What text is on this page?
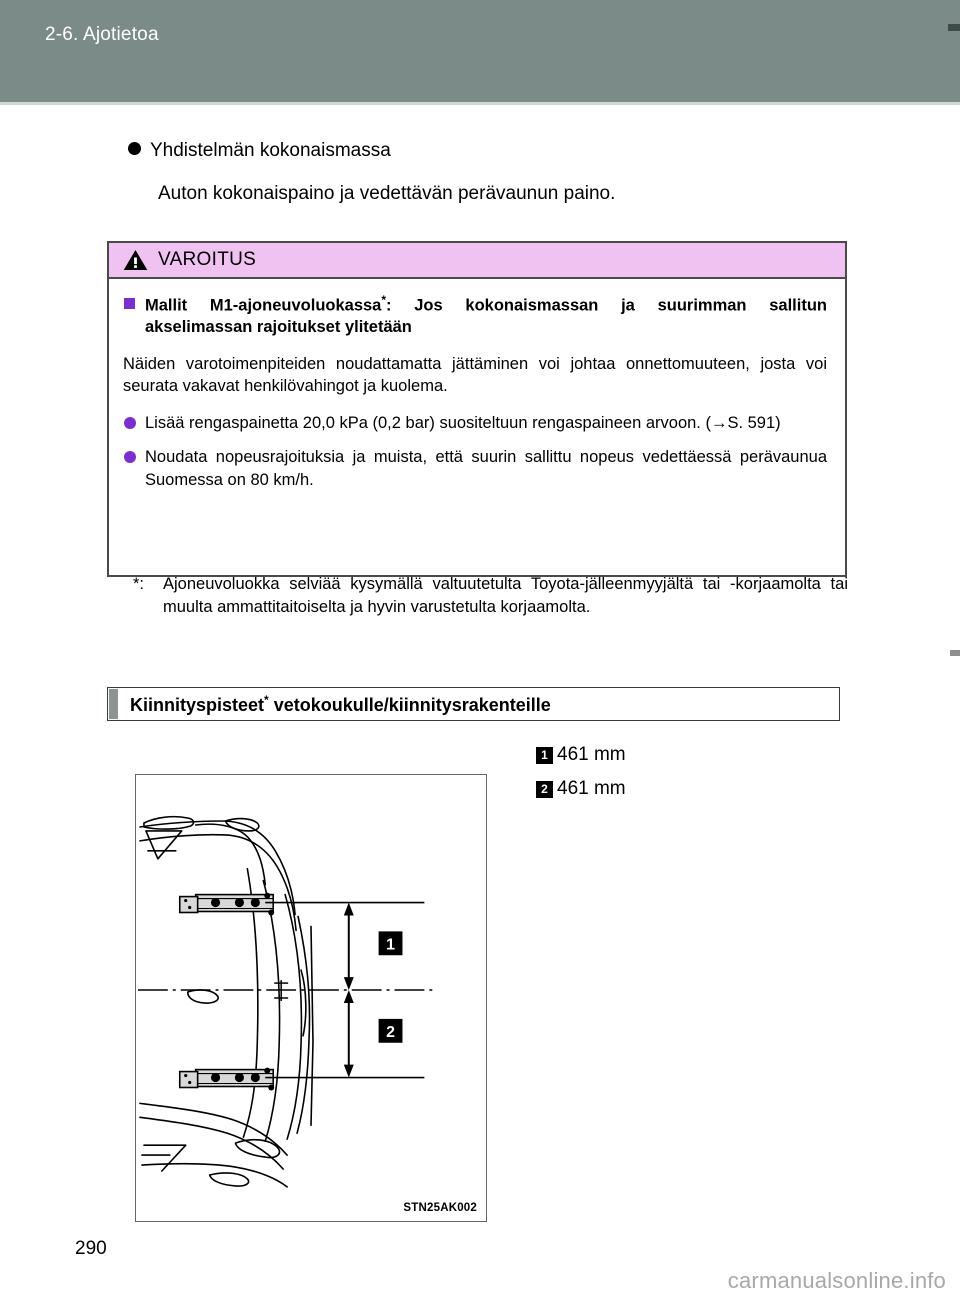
2-6. Ajotietoa
Yhdistelmän kokonaismassa
Auton kokonaispaino ja vedettävän perävaunun paino.
VAROITUS

Mallit M1-ajoneuvoluokassa*: Jos kokonaismassan ja suurimman sallitun akselimassan rajoitukset ylitetään

Näiden varotoimenpiteiden noudattamatta jättäminen voi johtaa onnettomuuteen, josta voi seurata vakavat henkilövahingot ja kuolema.

Lisää rengaspainetta 20,0 kPa (0,2 bar) suositeltuun rengaspaineen arvoon. (→S. 591)

Noudata nopeusrajoituksia ja muista, että suurin sallittu nopeus vedettäessä perävaunua Suomessa on 80 km/h.

*:	Ajoneuvoluokka selviää kysymällä valtuutetulta Toyota-jälleenmyyjältä tai -korjaamolta tai muulta ammattitaitoiselta ja hyvin varustetulta korjaamolta.
Kiinnityspisteet* vetokoukulle/kiinnitysrakenteille
1 461 mm
2 461 mm
1
2
STN25AK002
290
carmanualsonline.info
